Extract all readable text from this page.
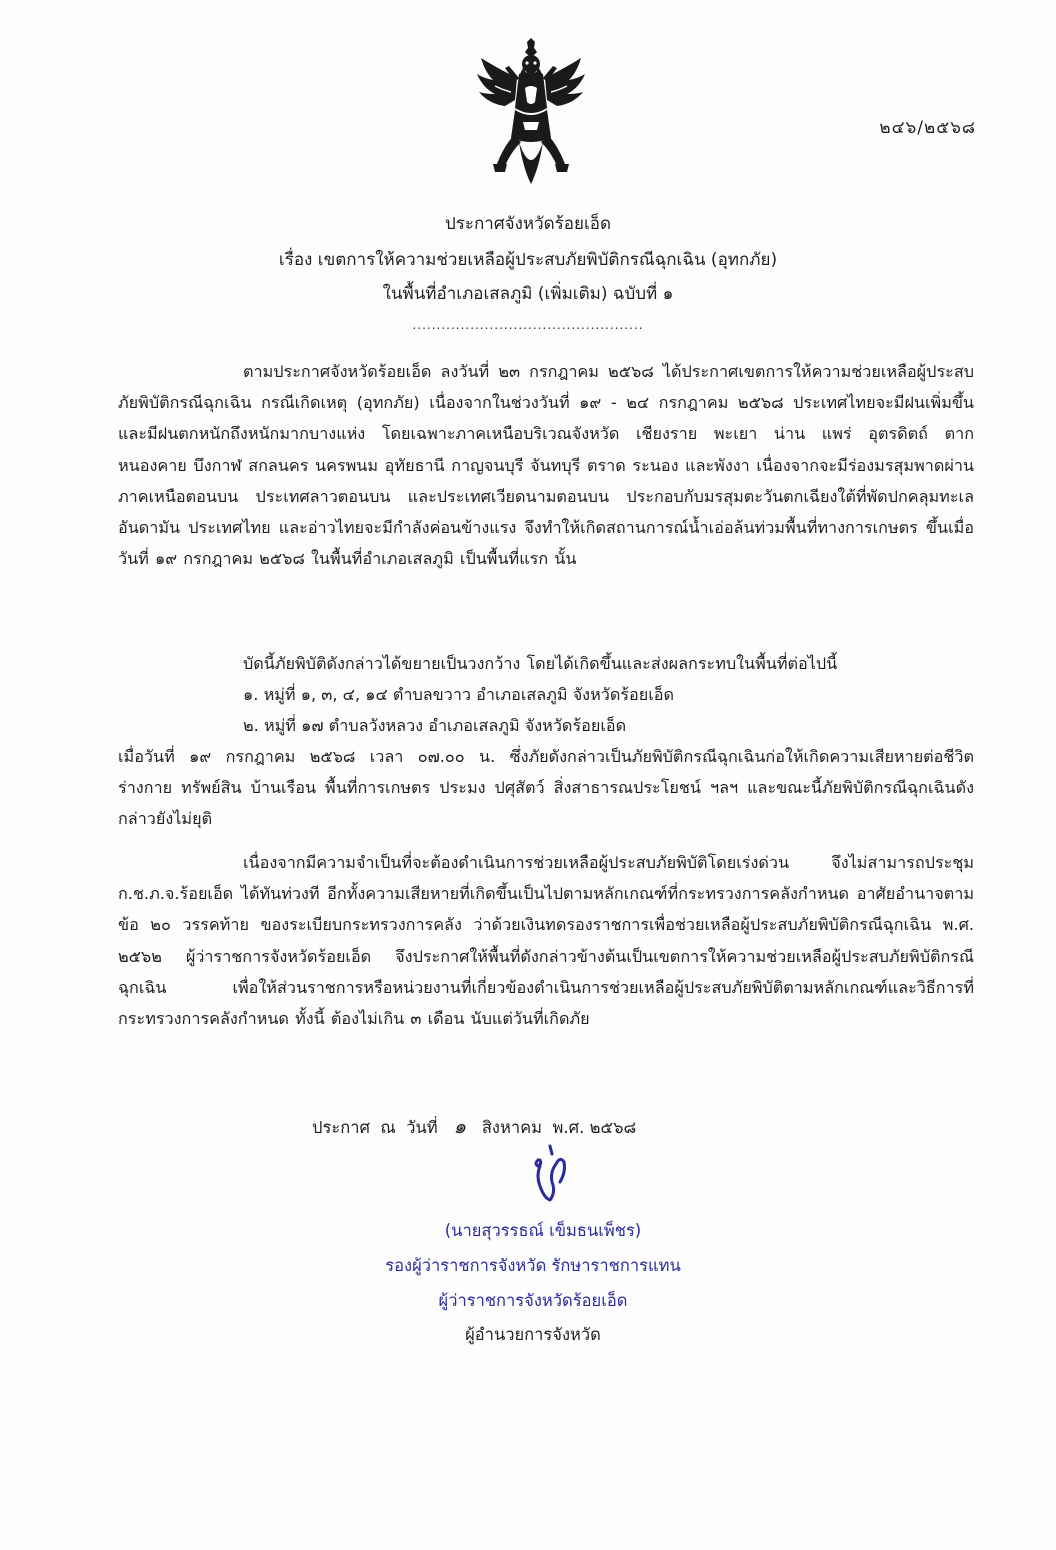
๒๔๖/๒๕๖๘
ประกาศจังหวัดร้อยเอ็ด
เรื่อง เขตการให้ความช่วยเหลือผู้ประสบภัยพิบัติกรณีฉุกเฉิน (อุทกภัย)
ในพื้นที่อำเภอเสลภูมิ (เพิ่มเติม) ฉบับที่ ๑
................................................

ตามประกาศจังหวัดร้อยเอ็ด ลงวันที่ ๒๓ กรกฎาคม ๒๕๖๘ ได้ประกาศเขตการให้ความช่วยเหลือผู้ประสบภัยพิบัติกรณีฉุกเฉิน กรณีเกิดเหตุ (อุทกภัย) เนื่องจากในช่วงวันที่ ๑๙ - ๒๔ กรกฎาคม ๒๕๖๘ ประเทศไทยจะมีฝนเพิ่มขึ้น และมีฝนตกหนักถึงหนักมากบางแห่ง โดยเฉพาะภาคเหนือบริเวณจังหวัด เชียงราย พะเยา น่าน แพร่ อุตรดิตถ์ ตาก หนองคาย บึงกาฬ สกลนคร นครพนม อุทัยธานี กาญจนบุรี จันทบุรี ตราด ระนอง และพังงา เนื่องจากจะมีร่องมรสุมพาดผ่านภาคเหนือตอนบน ประเทศลาวตอนบน และประเทศเวียดนามตอนบน ประกอบกับมรสุมตะวันตกเฉียงใต้ที่พัดปกคลุมทะเลอันดามัน ประเทศไทย และอ่าวไทยจะมีกำลังค่อนข้างแรง จึงทำให้เกิดสถานการณ์น้ำเอ่อล้นท่วมพื้นที่ทางการเกษตร ขึ้นเมื่อวันที่ ๑๙ กรกฎาคม ๒๕๖๘ ในพื้นที่อำเภอเสลภูมิ เป็นพื้นที่แรก นั้น

บัดนี้ภัยพิบัติดังกล่าวได้ขยายเป็นวงกว้าง โดยได้เกิดขึ้นและส่งผลกระทบในพื้นที่ต่อไปนี้

๑. หมู่ที่ ๑, ๓, ๔, ๑๔ ตำบลขวาว อำเภอเสลภูมิ จังหวัดร้อยเอ็ด
๒. หมู่ที่ ๑๗ ตำบลวังหลวง อำเภอเสลภูมิ จังหวัดร้อยเอ็ด

เมื่อวันที่ ๑๙ กรกฎาคม ๒๕๖๘ เวลา ๐๗.๐๐ น. ซึ่งภัยดังกล่าวเป็นภัยพิบัติกรณีฉุกเฉินก่อให้เกิดความเสียหายต่อชีวิต ร่างกาย ทรัพย์สิน บ้านเรือน พื้นที่การเกษตร ประมง ปศุสัตว์ สิ่งสาธารณประโยชน์ ฯลฯ และขณะนี้ภัยพิบัติกรณีฉุกเฉินดังกล่าวยังไม่ยุติ

เนื่องจากมีความจำเป็นที่จะต้องดำเนินการช่วยเหลือผู้ประสบภัยพิบัติโดยเร่งด่วน จึงไม่สามารถประชุม ก.ช.ภ.จ.ร้อยเอ็ด ได้ทันท่วงที อีกทั้งความเสียหายที่เกิดขึ้นเป็นไปตามหลักเกณฑ์ที่กระทรวงการคลังกำหนด อาศัยอำนาจตาม ข้อ ๒๐ วรรคท้าย ของระเบียบกระทรวงการคลัง ว่าด้วยเงินทดรองราชการเพื่อช่วยเหลือผู้ประสบภัยพิบัติกรณีฉุกเฉิน พ.ศ. ๒๕๖๒ ผู้ว่าราชการจังหวัดร้อยเอ็ด จึงประกาศให้พื้นที่ดังกล่าวข้างต้นเป็นเขตการให้ความช่วยเหลือผู้ประสบภัยพิบัติกรณีฉุกเฉิน เพื่อให้ส่วนราชการหรือหน่วยงานที่เกี่ยวข้องดำเนินการช่วยเหลือผู้ประสบภัยพิบัติตามหลักเกณฑ์และวิธีการที่กระทรวงการคลังกำหนด ทั้งนี้ ต้องไม่เกิน ๓ เดือน นับแต่วันที่เกิดภัย

ประกาศ  ณ  วันที่ ๑ สิงหาคม  พ.ศ. ๒๕๖๘
(นายสุวรรธณ์ เข็มธนเพ็ชร)
รองผู้ว่าราชการจังหวัด รักษาราชการแทน
ผู้ว่าราชการจังหวัดร้อยเอ็ด
ผู้อำนวยการจังหวัด
